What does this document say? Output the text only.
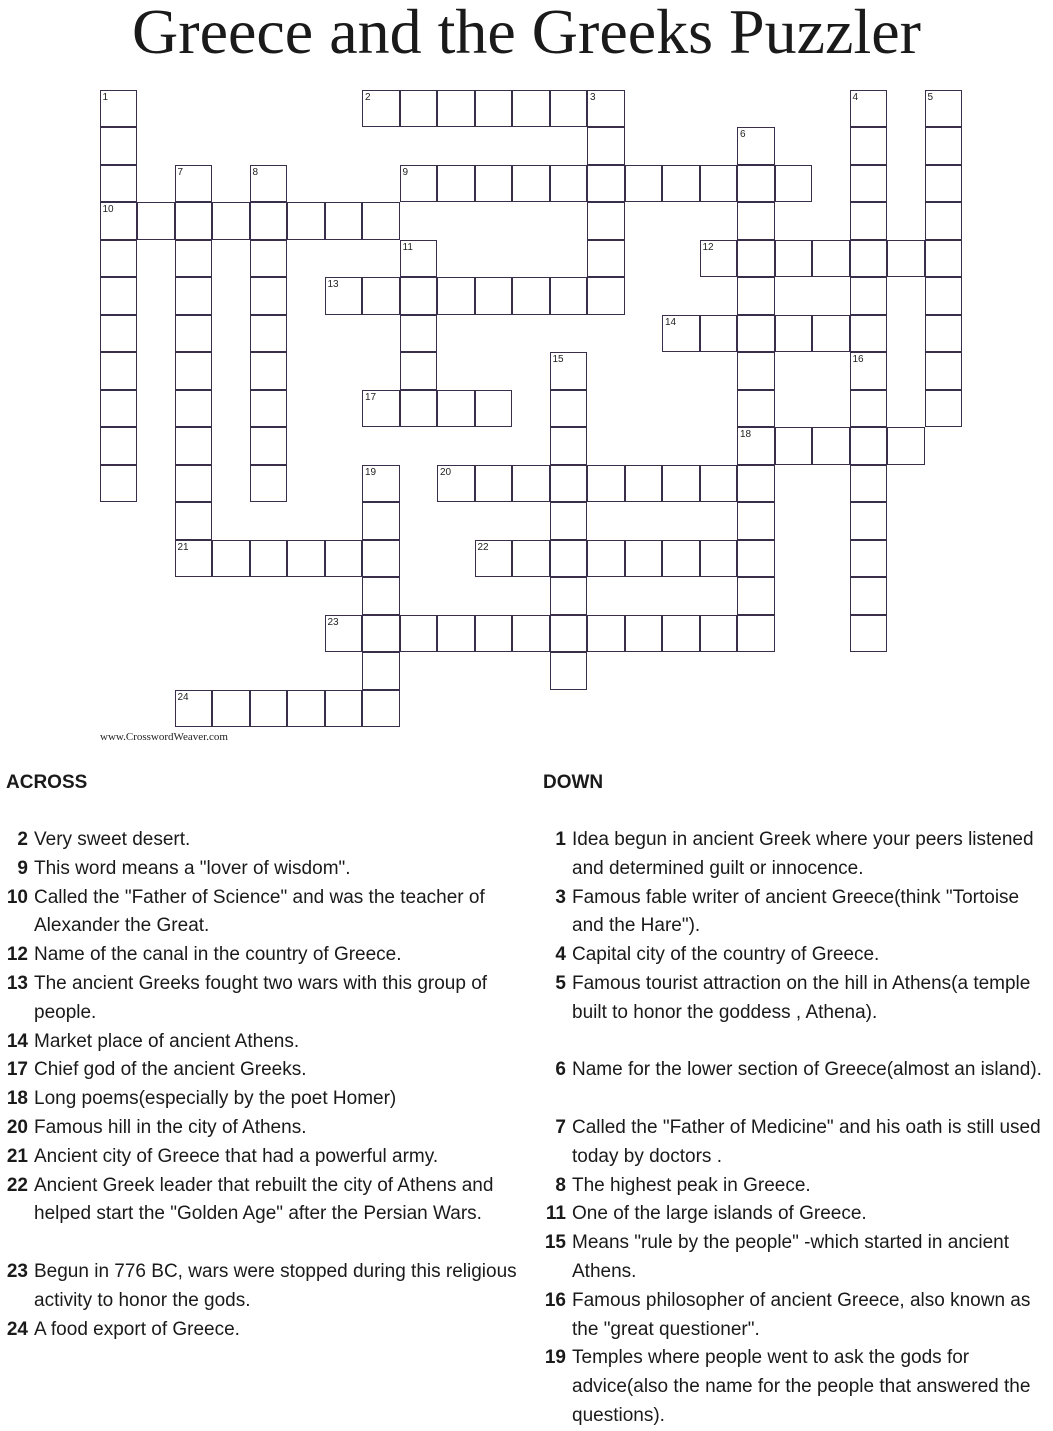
Greece and the Greeks Puzzler
1	2	3	4	5
6
7	8	9
10
11	12
13
14
15	16
17
18
19	20
21	22
23
24
www.CrosswordWeaver.com
ACROSS	DOWN
2 Very sweet desert.
9 This word means a "lover of wisdom".
10 Called the "Father of Science" and was the teacher of Alexander the Great.
12 Name of the canal in the country of Greece.
13 The ancient Greeks fought two wars with this group of people.
14 Market place of ancient Athens.
17 Chief god of the ancient Greeks.
18 Long poems(especially by the poet Homer)
20 Famous hill in the city of Athens.
21 Ancient city of Greece that had a powerful army.
22 Ancient Greek leader that rebuilt the city of Athens and helped start the "Golden Age" after the Persian Wars.
23 Begun in 776 BC, wars were stopped during this religious activity to honor the gods.
24 A food export of Greece.
1 Idea begun in ancient Greek where your peers listened and determined guilt or innocence.
3 Famous fable writer of ancient Greece(think "Tortoise and the Hare").
4 Capital city of the country of Greece.
5 Famous tourist attraction on the hill in Athens(a temple built to honor the goddess , Athena).
6 Name for the lower section of Greece(almost an island).
7 Called the "Father of Medicine" and his oath is still used today by doctors .
8 The highest peak in Greece.
11 One of the large islands of Greece.
15 Means "rule by the people" -which started in ancient Athens.
16 Famous philosopher of ancient Greece, also known as the "great questioner".
19 Temples where people went to ask the gods for advice(also the name for the people that answered the questions).
